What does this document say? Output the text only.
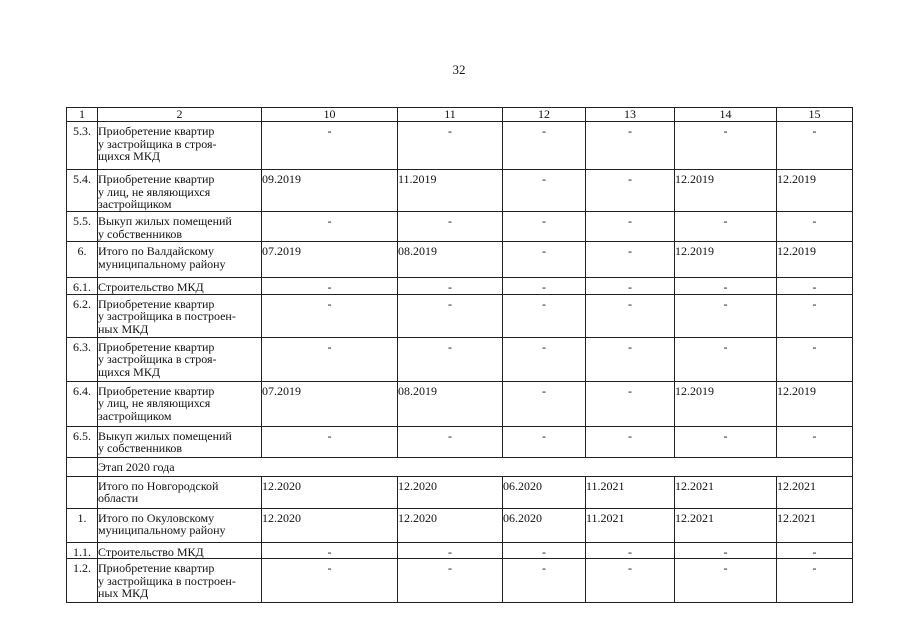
32
1	2	10	11	12	13	14	15
5.3.	Приобретение квартир
у застройщика в строя-
щихся МКД	-	-	-	-	-	-
5.4.	Приобретение квартир
у лиц, не являющихся
застройщиком	09.2019	11.2019	-	-	12.2019	12.2019
5.5.	Выкуп жилых помещений
у собственников	-	-	-	-	-	-
6.	Итого по Валдайскому
муниципальному району	07.2019	08.2019	-	-	12.2019	12.2019
6.1.	Строительство МКД	-	-	-	-	-	-
6.2.	Приобретение квартир
у застройщика в построен-
ных МКД	-	-	-	-	-	-
6.3.	Приобретение квартир
у застройщика в строя-
щихся МКД	-	-	-	-	-	-
6.4.	Приобретение квартир
у лиц, не являющихся
застройщиком	07.2019	08.2019	-	-	12.2019	12.2019
6.5.	Выкуп жилых помещений
у собственников	-	-	-	-	-	-
	Этап 2020 года						
	Итого по Новгородской
области	12.2020	12.2020	06.2020	11.2021	12.2021	12.2021
1.	Итого по Окуловскому
муниципальному району	12.2020	12.2020	06.2020	11.2021	12.2021	12.2021
1.1.	Строительство МКД	-	-	-	-	-	-
1.2.	Приобретение квартир
у застройщика в построен-
ных МКД	-	-	-	-	-	-
